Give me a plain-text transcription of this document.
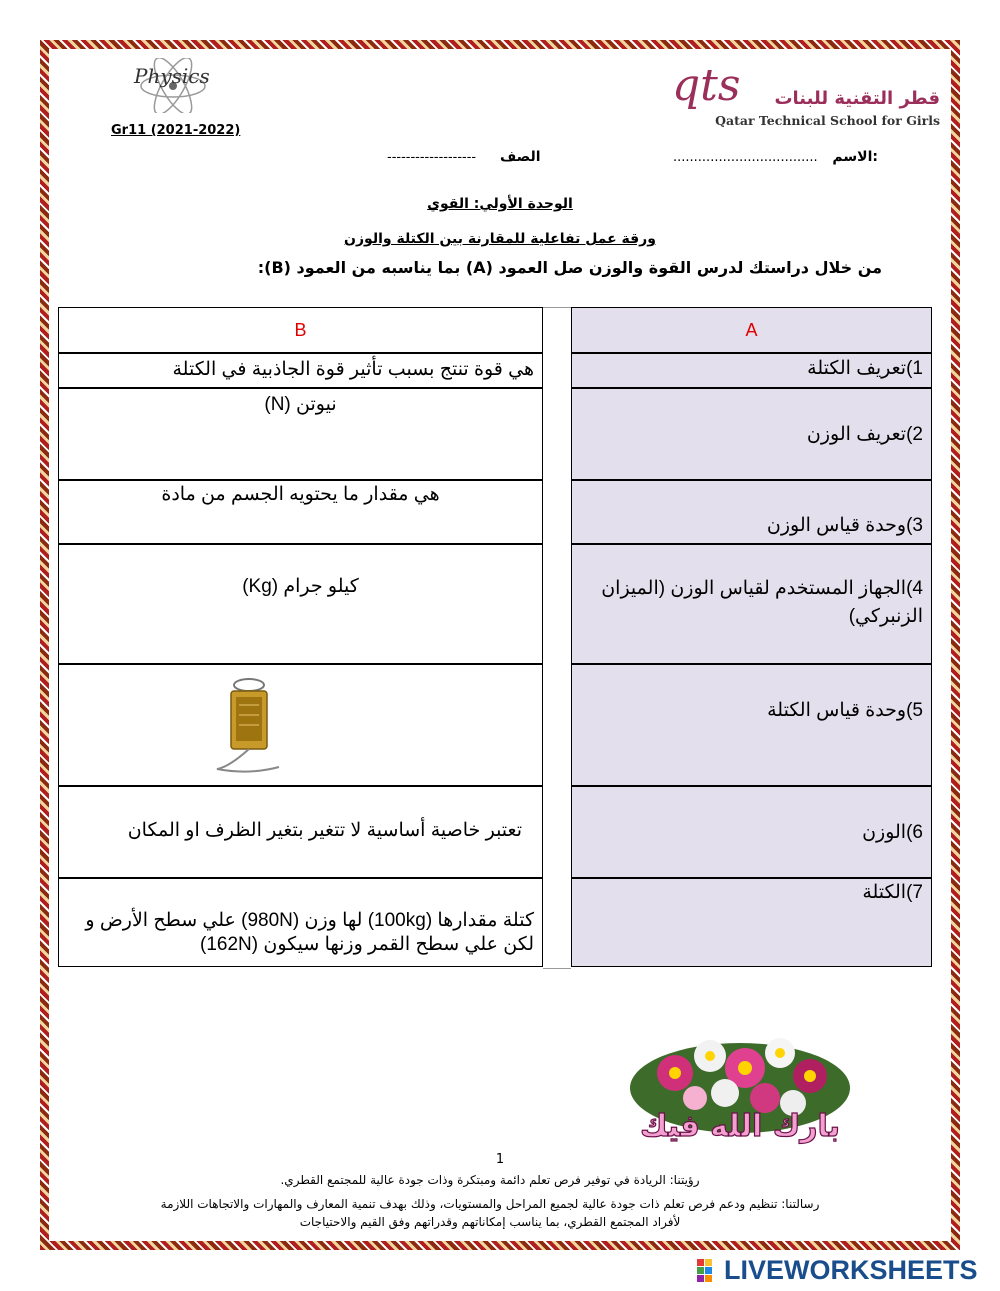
Physics
Gr11 (2021-2022)
qts قطر التقنية للبنات
Qatar Technical School for Girls
الاسم:
...................................
الصف
-------------------
الوحدة الأولي: القوي
ورقة عمل تفاعلية للمقارنة بين الكتلة والوزن
من خلال دراستك لدرس القوة والوزن صل العمود (A) بما يناسبه من العمود (B):
B
هي قوة تنتج بسبب تأثير قوة الجاذبية في الكتلة
نيوتن (N)
هي مقدار ما يحتويه الجسم من مادة
كيلو جرام (Kg)
تعتبر خاصية أساسية لا تتغير بتغير الظرف او المكان
كتلة مقدارها (100kg) لها وزن (980N) علي سطح الأرض و لكن علي سطح القمر وزنها سيكون (162N)
A
1)تعريف الكتلة
2)تعريف الوزن
3)وحدة قياس الوزن
4)الجهاز المستخدم لقياس الوزن (الميزان الزنبركي)
5)وحدة قياس الكتلة
6)الوزن
7)الكتلة
بارك الله فيك
1
رؤيتنا: الريادة في توفير فرص تعلم دائمة ومبتكرة وذات جودة عالية للمجتمع القطري.
رسالتنا: تنظيم ودعم فرص تعلم ذات جودة عالية لجميع المراحل والمستويات، وذلك بهدف تنمية المعارف والمهارات والاتجاهات اللازمة
لأفراد المجتمع القطري، بما يناسب إمكاناتهم وقدراتهم وفق القيم والاحتياجات
LIVEWORKSHEETS
